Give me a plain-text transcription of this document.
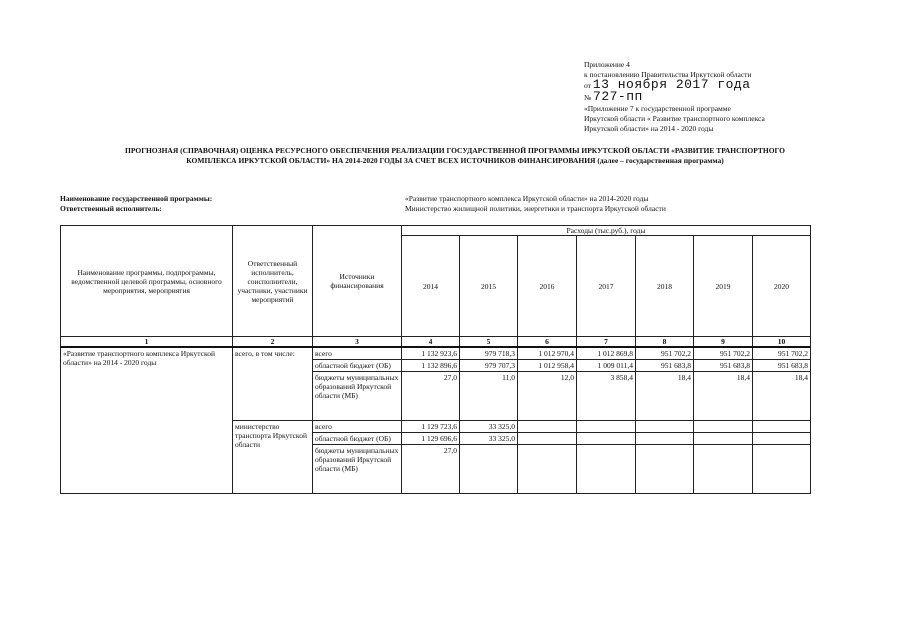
Приложение 4
к постановлению Правительства Иркутской области
от 13 ноября 2017 года
№ 727-пп
«Приложение 7 к государственной программе
Иркутской области « Развитие транспортного комплекса
Иркутской области» на 2014 - 2020 годы
ПРОГНОЗНАЯ (СПРАВОЧНАЯ) ОЦЕНКА РЕСУРСНОГО ОБЕСПЕЧЕНИЯ РЕАЛИЗАЦИИ ГОСУДАРСТВЕННОЙ ПРОГРАММЫ ИРКУТСКОЙ ОБЛАСТИ «РАЗВИТИЕ ТРАНСПОРТНОГО
КОМПЛЕКСА ИРКУТСКОЙ ОБЛАСТИ» НА 2014-2020 ГОДЫ ЗА СЧЕТ ВСЕХ ИСТОЧНИКОВ ФИНАНСИРОВАНИЯ (далее – государственная программа)
Наименование государственной программы:	«Развитие транспортного комплекса Иркутской области» на 2014-2020 годы
Ответственный исполнитель:	Министерство жилищной политики, энергетики и транспорта Иркутской области
Наименование программы, подпрограммы, ведомственной целевой программы, основного мероприятия, мероприятия	Ответственный исполнитель, соисполнители, участники, участники мероприятий	Источники финансирования	Расходы (тыс.руб.), годы						
			2014	2015	2016	2017	2018	2019	2020
1	2	3	4	5	6	7	8	9	10
«Развитие транспортного комплекса Иркутской области» на 2014 - 2020 годы	всего, в том числе:	всего	1 132 923,6	979 718,3	1 012 970,4	1 012 869,8	951 702,2	951 702,2	951 702,2
		областной бюджет (ОБ)	1 132 896,6	979 707,3	1 012 958,4	1 009 011,4	951 683,8	951 683,8	951 683,8
		бюджеты муниципальных образований Иркутской области (МБ)	27,0	11,0	12,0	3 858,4	18,4	18,4	18,4
	министерство транспорта Иркутской области	всего	1 129 723,6	33 325,0					
		областной бюджет (ОБ)	1 129 696,6	33 325,0					
		бюджеты муниципальных образований Иркутской области (МБ)	27,0						
